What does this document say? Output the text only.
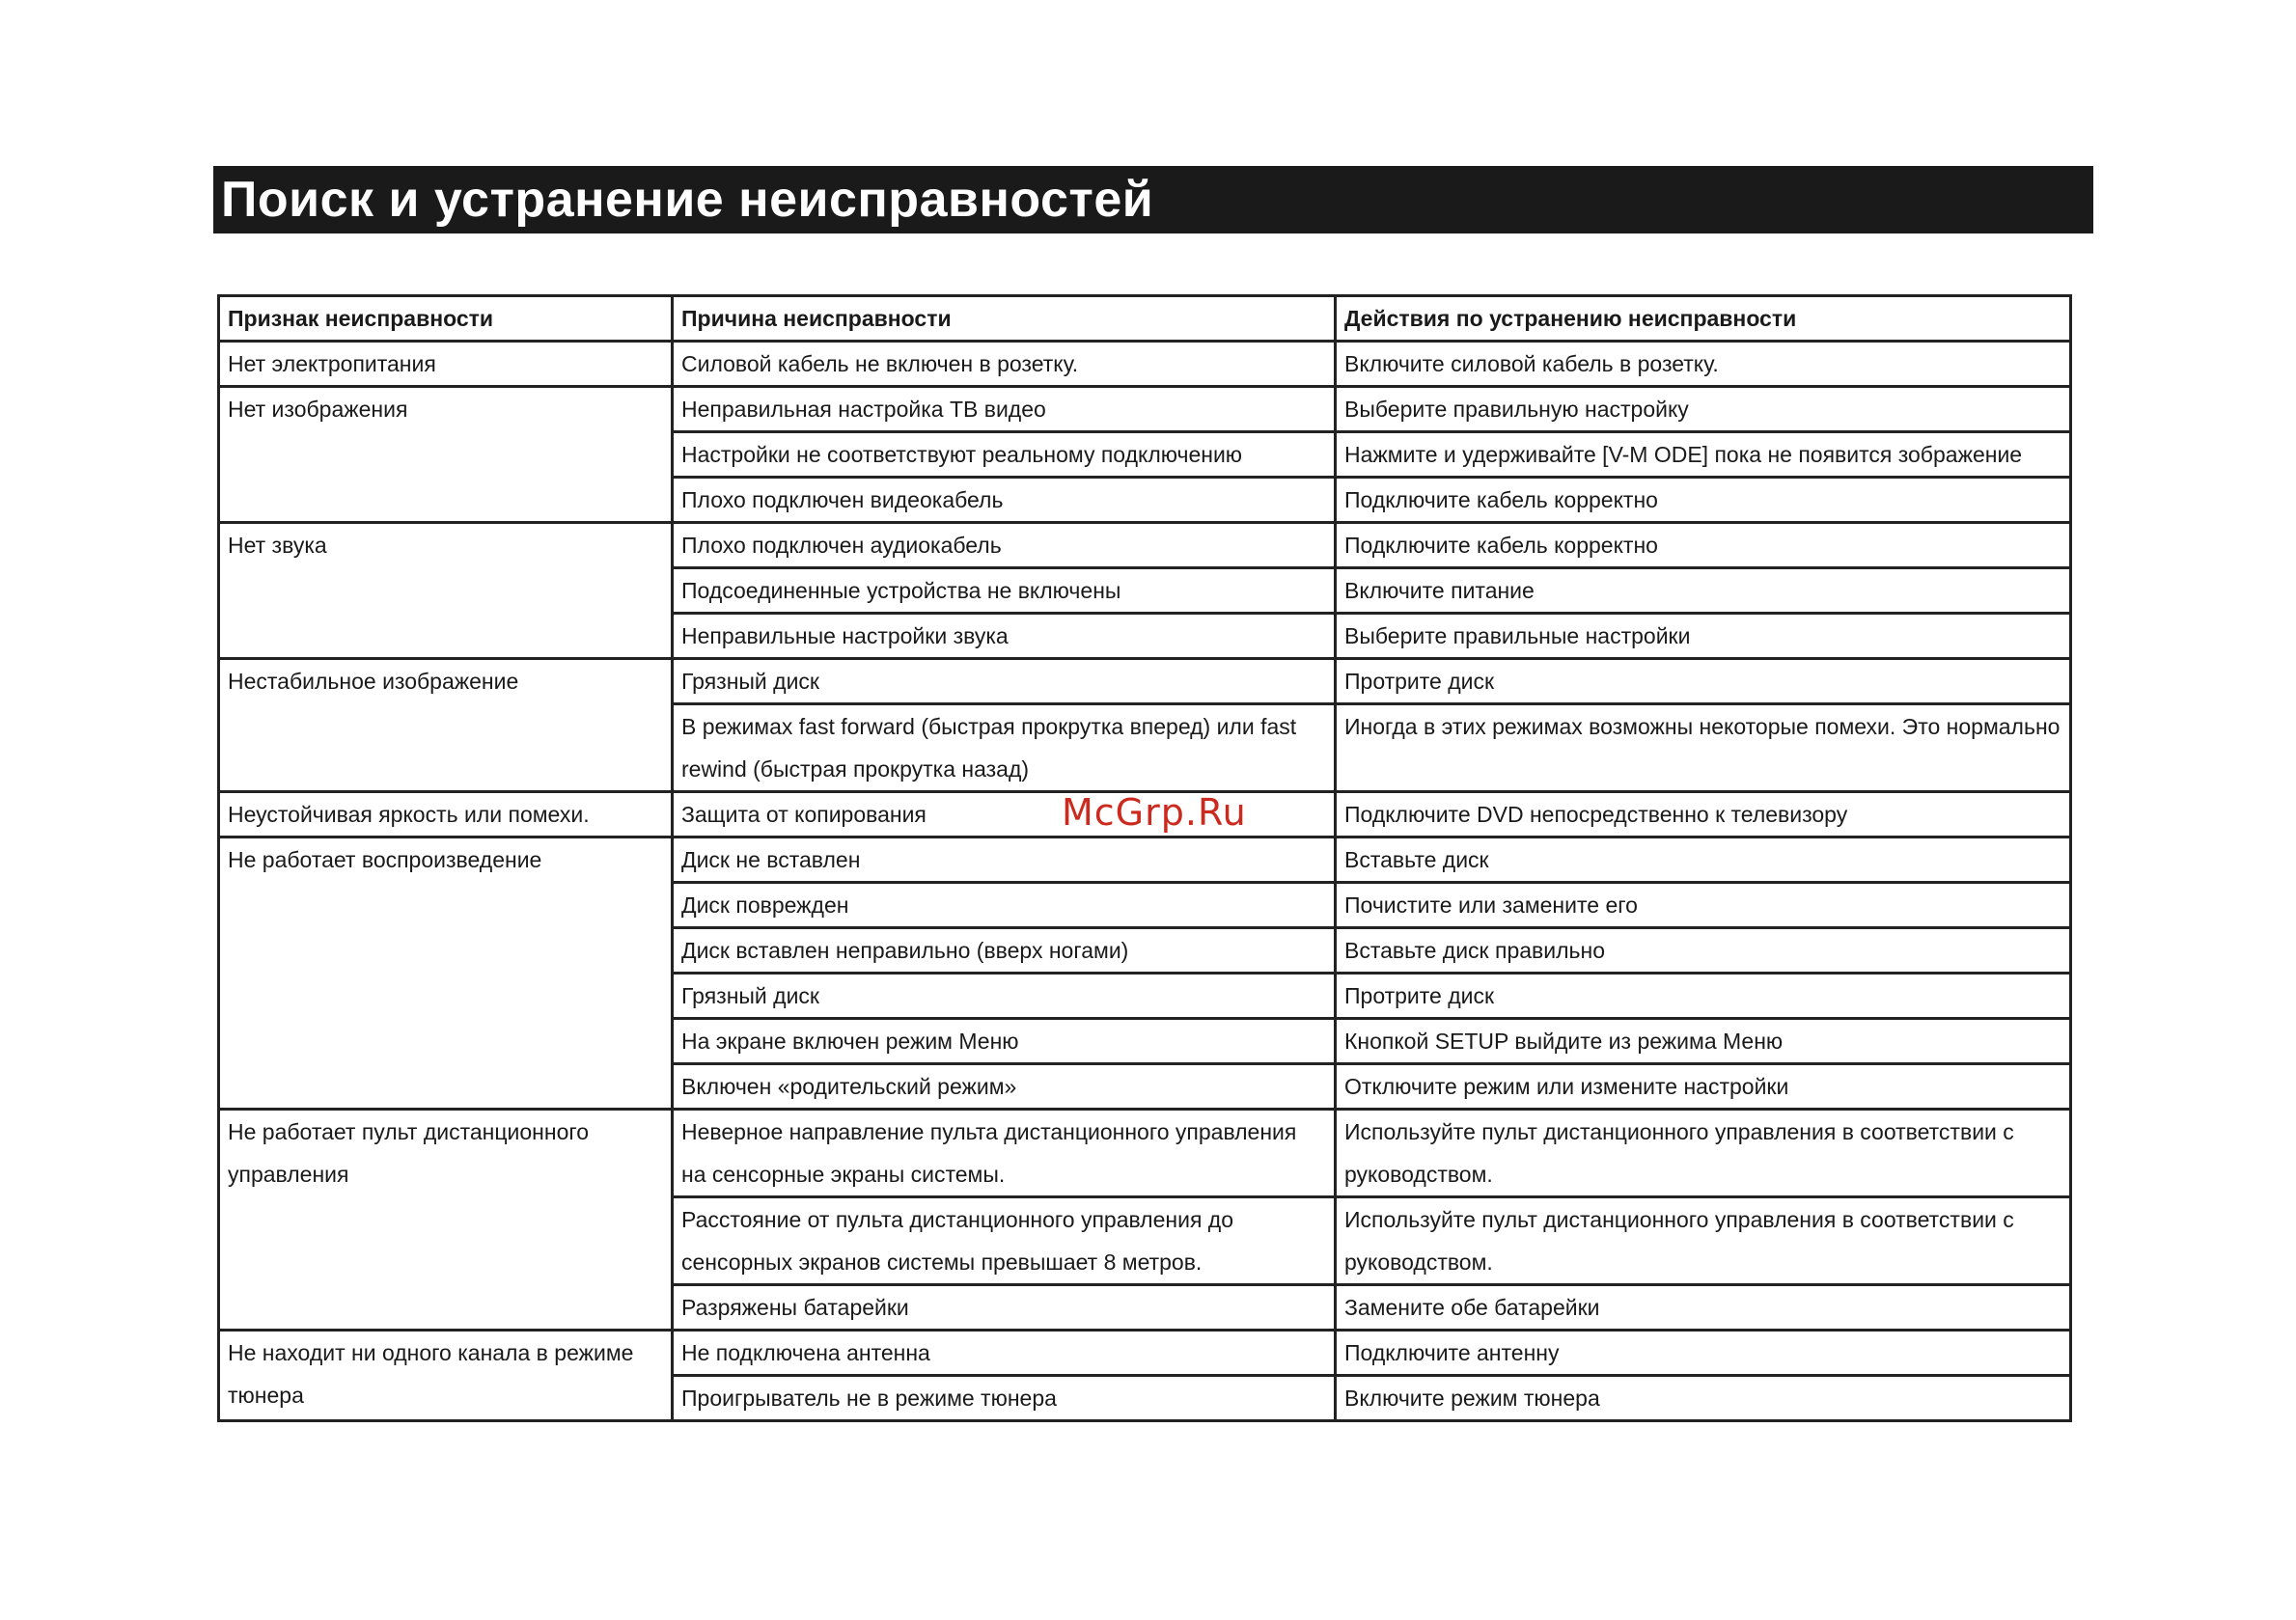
Поиск и устранение неисправностей
Признак неисправности	Причина неисправности	Действия по устранению неисправности
Нет электропитания	Силовой кабель не включен в розетку.	Включите силовой кабель в розетку.
Нет изображения	Неправильная настройка ТВ видео	Выберите правильную настройку
	Настройки не соответствуют реальному подключению	Нажмите и удерживайте [V-M ODE] пока не появится зображение
	Плохо подключен видеокабель	Подключите кабель корректно
Нет звука	Плохо подключен аудиокабель	Подключите кабель корректно
	Подсоединенные устройства не включены	Включите питание
	Неправильные настройки звука	Выберите правильные настройки
Нестабильное изображение	Грязный диск	Протрите диск
	В режимах fast forward (быстрая прокрутка вперед) или fast rewind (быстрая прокрутка назад)	Иногда в этих режимах возможны некоторые помехи. Это нормально
Неустойчивая яркость или помехи.	Защита от копирования	Подключите DVD непосредственно к телевизору
Не работает воспроизведение	Диск не вставлен	Вставьте диск
	Диск поврежден	Почистите или замените его
	Диск вставлен неправильно (вверх ногами)	Вставьте диск правильно
	Грязный диск	Протрите диск
	На экране включен режим Меню	Кнопкой SETUP выйдите из режима Меню
	Включен «родительский режим»	Отключите режим или измените настройки
Не работает пульт дистанционного управления	Неверное направление пульта дистанционного управления на сенсорные экраны системы.	Используйте пульт дистанционного управления в соответствии с руководством.
	Расстояние от пульта дистанционного управления до сенсорных экранов системы превышает 8 метров.	Используйте пульт дистанционного управления в соответствии с руководством.
	Разряжены батарейки	Замените обе батарейки
Не находит ни одного канала в режиме тюнера	Не подключена антенна	Подключите антенну
	Проигрыватель не в режиме тюнера	Включите режим тюнера
McGrp.Ru
